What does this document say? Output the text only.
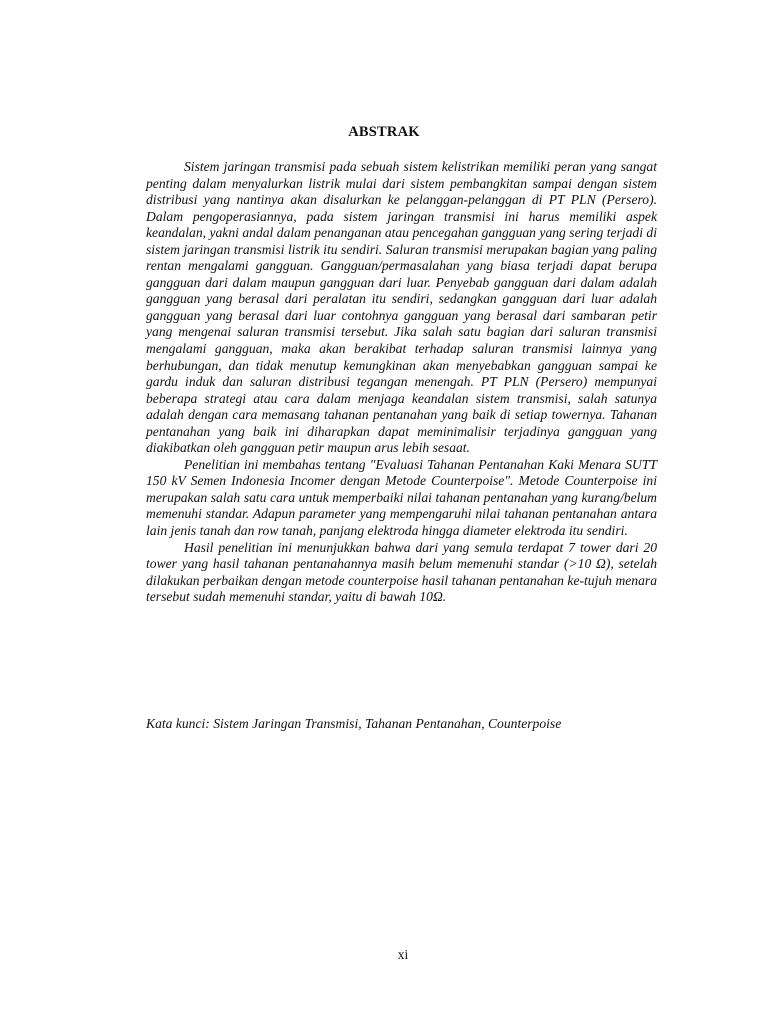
ABSTRAK

Sistem jaringan transmisi pada sebuah sistem kelistrikan memiliki peran yang sangat penting dalam menyalurkan listrik mulai dari sistem pembangkitan sampai dengan sistem distribusi yang nantinya akan disalurkan ke pelanggan-pelanggan di PT PLN (Persero). Dalam pengoperasiannya, pada sistem jaringan transmisi ini harus memiliki aspek keandalan, yakni andal dalam penanganan atau pencegahan gangguan yang sering terjadi di sistem jaringan transmisi listrik itu sendiri. Saluran transmisi merupakan bagian yang paling rentan mengalami gangguan. Gangguan/permasalahan yang biasa terjadi dapat berupa gangguan dari dalam maupun gangguan dari luar. Penyebab gangguan dari dalam adalah gangguan yang berasal dari peralatan itu sendiri, sedangkan gangguan dari luar adalah gangguan yang berasal dari luar contohnya gangguan yang berasal dari sambaran petir yang mengenai saluran transmisi tersebut. Jika salah satu bagian dari saluran transmisi mengalami gangguan, maka akan berakibat terhadap saluran transmisi lainnya yang berhubungan, dan tidak menutup kemungkinan akan menyebabkan gangguan sampai ke gardu induk dan saluran distribusi tegangan menengah. PT PLN (Persero) mempunyai beberapa strategi atau cara dalam menjaga keandalan sistem transmisi, salah satunya adalah dengan cara memasang tahanan pentanahan yang baik di setiap towernya. Tahanan pentanahan yang baik ini diharapkan dapat meminimalisir terjadinya gangguan yang diakibatkan oleh gangguan petir maupun arus lebih sesaat.

Penelitian ini membahas tentang "Evaluasi Tahanan Pentanahan Kaki Menara SUTT 150 kV Semen Indonesia Incomer dengan Metode Counterpoise". Metode Counterpoise ini merupakan salah satu cara untuk memperbaiki nilai tahanan pentanahan yang kurang/belum memenuhi standar. Adapun parameter yang mempengaruhi nilai tahanan pentanahan antara lain jenis tanah dan row tanah, panjang elektroda hingga diameter elektroda itu sendiri.

Hasil penelitian ini menunjukkan bahwa dari yang semula terdapat 7 tower dari 20 tower yang hasil tahanan pentanahannya masih belum memenuhi standar (>10 Ω), setelah dilakukan perbaikan dengan metode counterpoise hasil tahanan pentanahan ke-tujuh menara tersebut sudah memenuhi standar, yaitu di bawah 10Ω.

Kata kunci: Sistem Jaringan Transmisi, Tahanan Pentanahan, Counterpoise
xi
